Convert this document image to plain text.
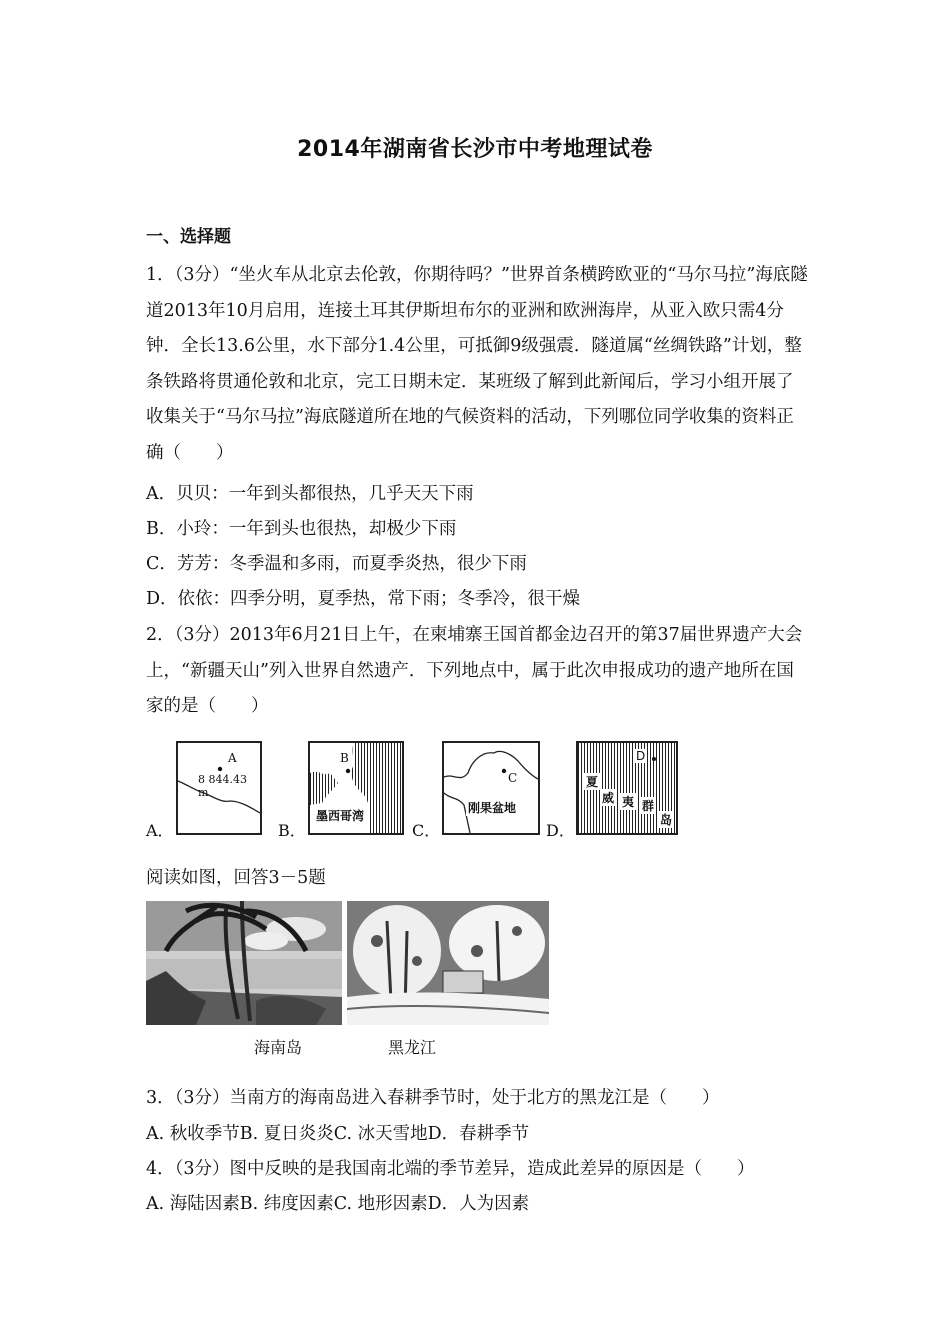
2014年湖南省长沙市中考地理试卷
一、选择题
1．（3分）“坐火车从北京去伦敦，你期待吗？”世界首条横跨欧亚的“马尔马拉”海底隧道2013年10月启用，连接土耳其伊斯坦布尔的亚洲和欧洲海岸，从亚入欧只需4分钟．全长13.6公里，水下部分1.4公里，可抵御9级强震．隧道属“丝绸铁路”计划，整条铁路将贯通伦敦和北京，完工日期未定．某班级了解到此新闻后，学习小组开展了收集关于“马尔马拉”海底隧道所在地的气候资料的活动，下列哪位同学收集的资料正确（　　）
A．贝贝：一年到头都很热，几乎天天下雨
B．小玲：一年到头也很热，却极少下雨
C．芳芳：冬季温和多雨，而夏季炎热，很少下雨
D．依依：四季分明，夏季热，常下雨；冬季冷，很干燥
2．（3分）2013年6月21日上午，在柬埔寨王国首都金边召开的第37届世界遗产大会上，“新疆天山”列入世界自然遗产．下列地点中，属于此次申报成功的遗产地所在国家的是（　　）
A．
A
8 844.43 m
B．
B
墨西哥湾
C．
C
刚果盆地
D．
D
夏
威 夷 群
岛
阅读如图，回答3－5题
海南岛	黑龙江
3．（3分）当南方的海南岛进入春耕季节时，处于北方的黑龙江是（　　）
A. 秋收季节B. 夏日炎炎C. 冰天雪地D．春耕季节
4．（3分）图中反映的是我国南北端的季节差异，造成此差异的原因是（　　）
A. 海陆因素B. 纬度因素C. 地形因素D．人为因素
